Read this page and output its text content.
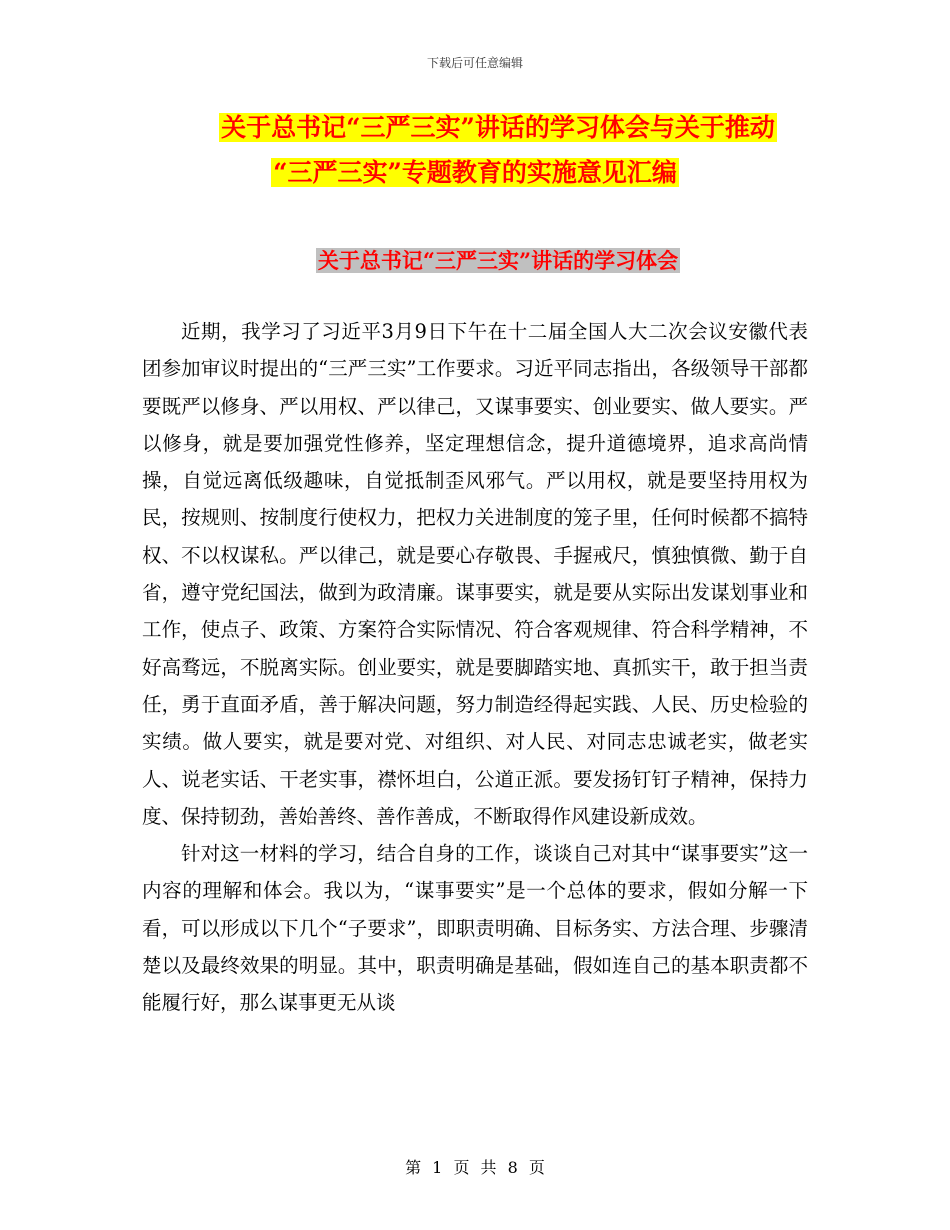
下载后可任意编辑
关于总书记“三严三实”讲话的学习体会与关于推动
“三严三实”专题教育的实施意见汇编
关于总书记“三严三实”讲话的学习体会

近期，我学习了习近平3月9日下午在十二届全国人大二次会议安徽代表团参加审议时提出的“三严三实”工作要求。习近平同志指出，各级领导干部都要既严以修身、严以用权、严以律己，又谋事要实、创业要实、做人要实。严以修身，就是要加强党性修养，坚定理想信念，提升道德境界，追求高尚情操，自觉远离低级趣味，自觉抵制歪风邪气。严以用权，就是要坚持用权为民，按规则、按制度行使权力，把权力关进制度的笼子里，任何时候都不搞特权、不以权谋私。严以律己，就是要心存敬畏、手握戒尺，慎独慎微、勤于自省，遵守党纪国法，做到为政清廉。谋事要实，就是要从实际出发谋划事业和工作，使点子、政策、方案符合实际情况、符合客观规律、符合科学精神，不好高骛远，不脱离实际。创业要实，就是要脚踏实地、真抓实干，敢于担当责任，勇于直面矛盾，善于解决问题，努力制造经得起实践、人民、历史检验的实绩。做人要实，就是要对党、对组织、对人民、对同志忠诚老实，做老实人、说老实话、干老实事，襟怀坦白，公道正派。要发扬钉钉子精神，保持力度、保持韧劲，善始善终、善作善成，不断取得作风建设新成效。

针对这一材料的学习，结合自身的工作，谈谈自己对其中“谋事要实”这一内容的理解和体会。我以为，“谋事要实”是一个总体的要求，假如分解一下看，可以形成以下几个“子要求”，即职责明确、目标务实、方法合理、步骤清楚以及最终效果的明显。其中，职责明确是基础，假如连自己的基本职责都不能履行好，那么谋事更无从谈

第 1 页 共 8 页
